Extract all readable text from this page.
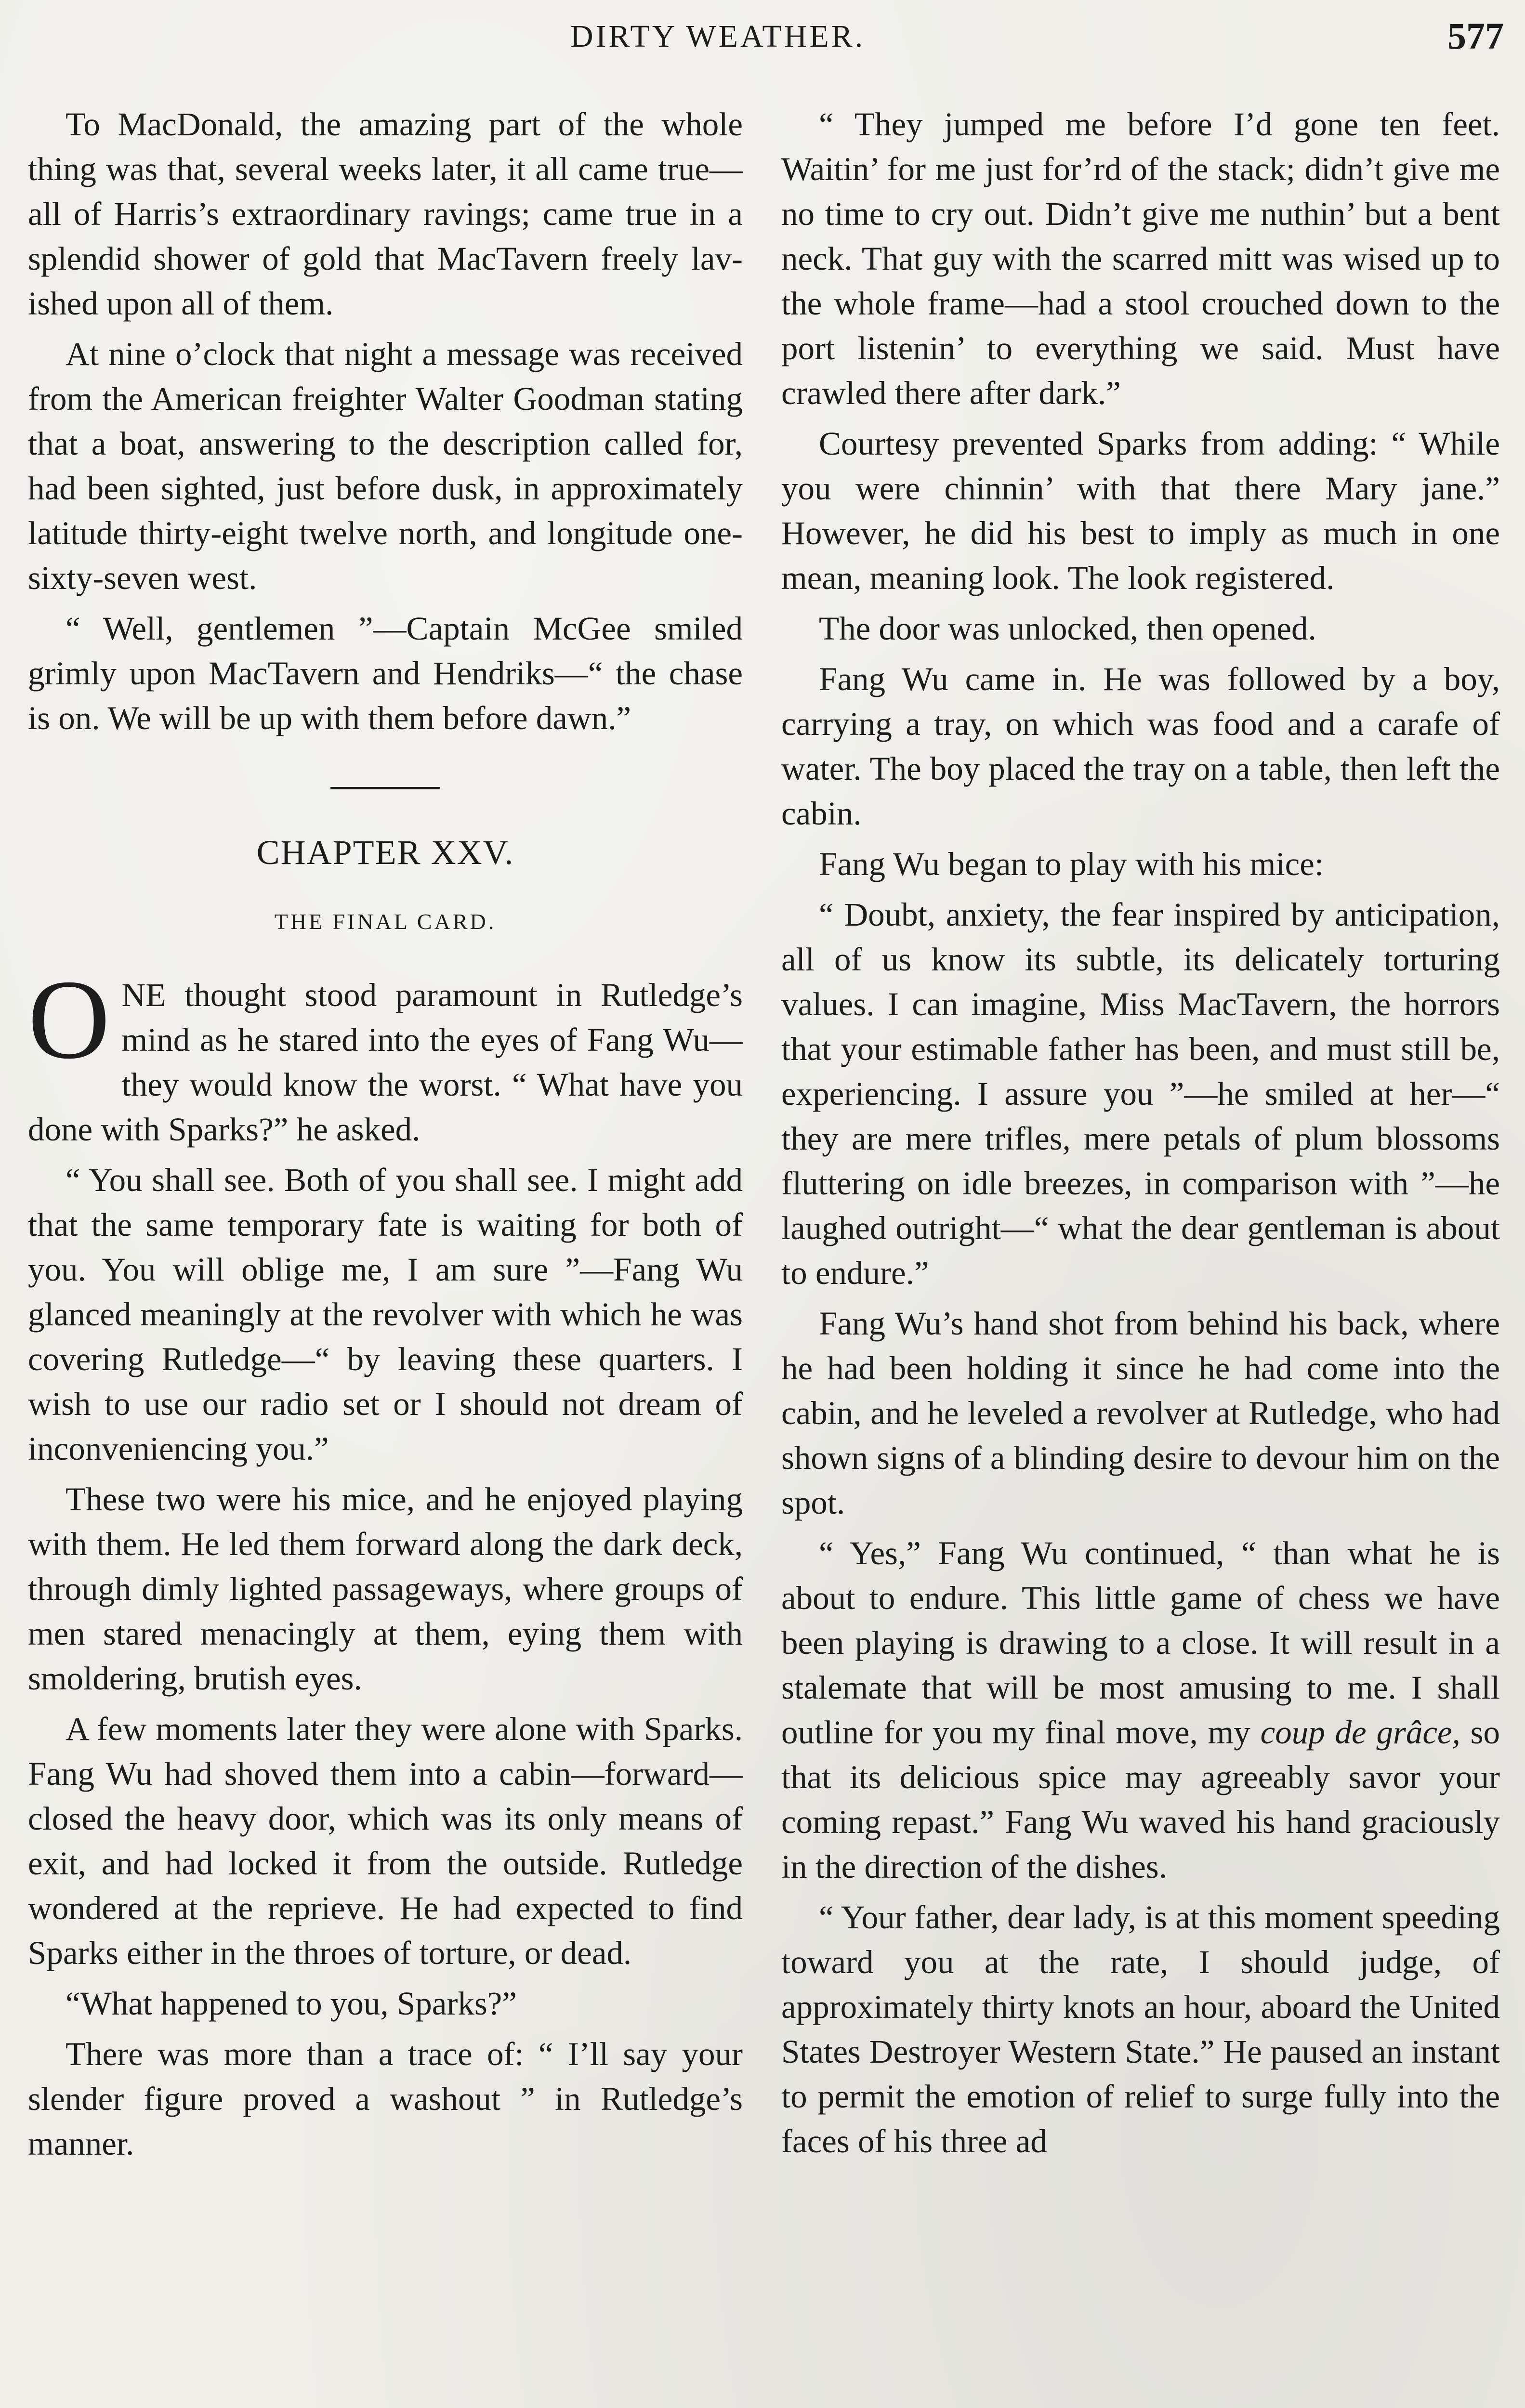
DIRTY WEATHER.	577

To MacDonald, the amazing part of the whole thing was that, several weeks later, it all came true—all of Harris’s extraordinary ravings; came true in a splendid shower of gold that MacTavern freely lavished upon all of them.

At nine o’clock that night a message was received from the American freighter Walter Goodman stating that a boat, answering to the description called for, had been sighted, just before dusk, in approximately latitude thirty-eight twelve north, and longitude one-sixty-seven west.

“ Well, gentlemen ”—Captain McGee smiled grimly upon MacTavern and Hendriks—“ the chase is on. We will be up with them before dawn.”

CHAPTER XXV.
THE FINAL CARD.

ONE thought stood paramount in Rutledge’s mind as he stared into the eyes of Fang Wu—they would know the worst. “ What have you done with Sparks?” he asked.

“ You shall see. Both of you shall see. I might add that the same temporary fate is waiting for both of you. You will oblige me, I am sure ”—Fang Wu glanced meaningly at the revolver with which he was covering Rutledge—“ by leaving these quarters. I wish to use our radio set or I should not dream of inconveniencing you.”

These two were his mice, and he enjoyed playing with them. He led them forward along the dark deck, through dimly lighted passageways, where groups of men stared menacingly at them, eying them with smoldering, brutish eyes.

A few moments later they were alone with Sparks. Fang Wu had shoved them into a cabin—forward—closed the heavy door, which was its only means of exit, and had locked it from the outside. Rutledge wondered at the reprieve. He had expected to find Sparks either in the throes of torture, or dead.

“What happened to you, Sparks?”

There was more than a trace of: “ I’ll say your slender figure proved a washout ” in Rutledge’s manner.

“ They jumped me before I’d gone ten feet. Waitin’ for me just for’rd of the stack; didn’t give me no time to cry out. Didn’t give me nuthin’ but a bent neck. That guy with the scarred mitt was wised up to the whole frame—had a stool crouched down to the port listenin’ to everything we said. Must have crawled there after dark.”

Courtesy prevented Sparks from adding: “ While you were chinnin’ with that there Mary jane.” However, he did his best to imply as much in one mean, meaning look. The look registered.

The door was unlocked, then opened.

Fang Wu came in. He was followed by a boy, carrying a tray, on which was food and a carafe of water. The boy placed the tray on a table, then left the cabin.

Fang Wu began to play with his mice:

“ Doubt, anxiety, the fear inspired by anticipation, all of us know its subtle, its delicately torturing values. I can imagine, Miss MacTavern, the horrors that your estimable father has been, and must still be, experiencing. I assure you ”—he smiled at her—“ they are mere trifles, mere petals of plum blossoms fluttering on idle breezes, in comparison with ”—he laughed outright—“ what the dear gentleman is about to endure.”

Fang Wu’s hand shot from behind his back, where he had been holding it since he had come into the cabin, and he leveled a revolver at Rutledge, who had shown signs of a blinding desire to devour him on the spot.

“ Yes,” Fang Wu continued, “ than what he is about to endure. This little game of chess we have been playing is drawing to a close. It will result in a stalemate that will be most amusing to me. I shall outline for you my final move, my coup de grâce, so that its delicious spice may agreeably savor your coming repast.” Fang Wu waved his hand graciously in the direction of the dishes.

“ Your father, dear lady, is at this moment speeding toward you at the rate, I should judge, of approximately thirty knots an hour, aboard the United States Destroyer Western State.” He paused an instant to permit the emotion of relief to surge fully into the faces of his three ad
